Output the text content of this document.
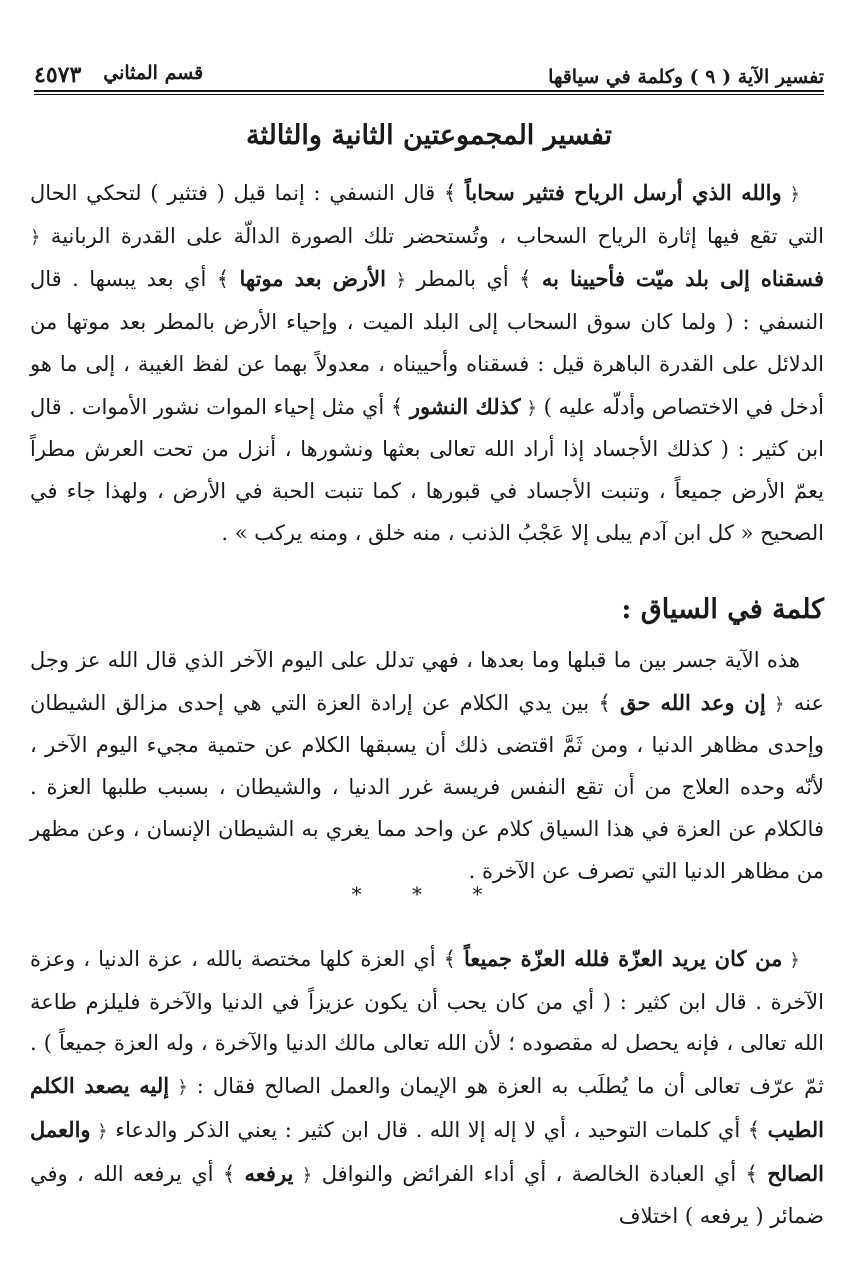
تفسير الآية ( ٩ ) وكلمة في سياقها
قسم المثاني
٤٥٧٣
تفسير المجموعتين الثانية والثالثة

﴿ والله الذي أرسل الرياح فتثير سحاباً ﴾ قال النسفي : إنما قيل ( فتثير ) لتحكي الحال التي تقع فيها إثارة الرياح السحاب ، وتُستحضر تلك الصورة الدالّة على القدرة الربانية ﴿ فسقناه إلى بلد ميّت فأحيينا به ﴾ أي بالمطر ﴿ الأرض بعد موتها ﴾ أي بعد يبسها . قال النسفي : ( ولما كان سوق السحاب إلى البلد الميت ، وإحياء الأرض بالمطر بعد موتها من الدلائل على القدرة الباهرة قيل : فسقناه وأحييناه ، معدولاً بهما عن لفظ الغيبة ، إلى ما هو أدخل في الاختصاص وأدلّه عليه ) ﴿ كذلك النشور ﴾ أي مثل إحياء الموات نشور الأموات . قال ابن كثير : ( كذلك الأجساد إذا أراد الله تعالى بعثها ونشورها ، أنزل من تحت العرش مطراً يعمّ الأرض جميعاً ، وتنبت الأجساد في قبورها ، كما تنبت الحبة في الأرض ، ولهذا جاء في الصحيح « كل ابن آدم يبلى إلا عَجْبُ الذنب ، منه خلق ، ومنه يركب » .

كلمة في السياق :

هذه الآية جسر بين ما قبلها وما بعدها ، فهي تدلل على اليوم الآخر الذي قال الله عز وجل عنه ﴿ إن وعد الله حق ﴾ بين يدي الكلام عن إرادة العزة التي هي إحدى مزالق الشيطان وإحدى مظاهر الدنيا ، ومن ثَمَّ اقتضى ذلك أن يسبقها الكلام عن حتمية مجيء اليوم الآخر ، لأنّه وحده العلاج من أن تقع النفس فريسة غرر الدنيا ، والشيطان ، بسبب طلبها العزة . فالكلام عن العزة في هذا السياق كلام عن واحد مما يغري به الشيطان الإنسان ، وعن مظهر من مظاهر الدنيا التي تصرف عن الآخرة .

* * *

﴿ من كان يريد العزّة فلله العزّة جميعاً ﴾ أي العزة كلها مختصة بالله ، عزة الدنيا ، وعزة الآخرة . قال ابن كثير : ( أي من كان يحب أن يكون عزيزاً في الدنيا والآخرة فليلزم طاعة الله تعالى ، فإنه يحصل له مقصوده ؛ لأن الله تعالى مالك الدنيا والآخرة ، وله العزة جميعاً ) . ثمّ عرّف تعالى أن ما يُطلَب به العزة هو الإيمان والعمل الصالح فقال : ﴿ إليه يصعد الكلم الطيب ﴾ أي كلمات التوحيد ، أي لا إله إلا الله . قال ابن كثير : يعني الذكر والدعاء ﴿ والعمل الصالح ﴾ أي العبادة الخالصة ، أي أداء الفرائض والنوافل ﴿ يرفعه ﴾ أي يرفعه الله ، وفي ضمائر ( يرفعه ) اختلاف
